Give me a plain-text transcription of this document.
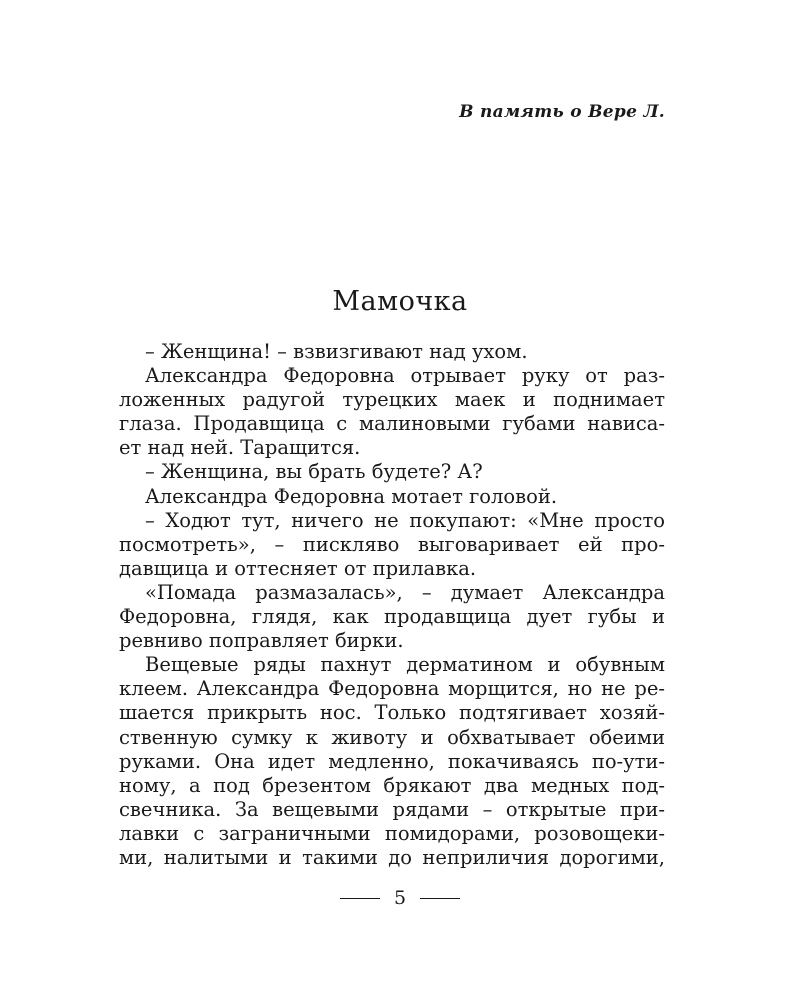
В память о Вере Л.
Мамочка
– Женщина! – взвизгивают над ухом.
Александра Федоровна отрывает руку от раз-
ложенных радугой турецких маек и поднимает
глаза. Продавщица с малиновыми губами нависа-
ет над ней. Таращится.
– Женщина, вы брать будете? А?
Александра Федоровна мотает головой.
– Ходют тут, ничего не покупают: «Мне просто
посмотреть», – пискляво выговаривает ей про-
давщица и оттесняет от прилавка.
«Помада размазалась», – думает Александра
Федоровна, глядя, как продавщица дует губы и
ревниво поправляет бирки.
Вещевые ряды пахнут дерматином и обувным
клеем. Александра Федоровна морщится, но не ре-
шается прикрыть нос. Только подтягивает хозяй-
ственную сумку к животу и обхватывает обеими
руками. Она идет медленно, покачиваясь по-ути-
ному, а под брезентом брякают два медных под-
свечника. За вещевыми рядами – открытые при-
лавки с заграничными помидорами, розовощеки-
ми, налитыми и такими до неприличия дорогими,
5
